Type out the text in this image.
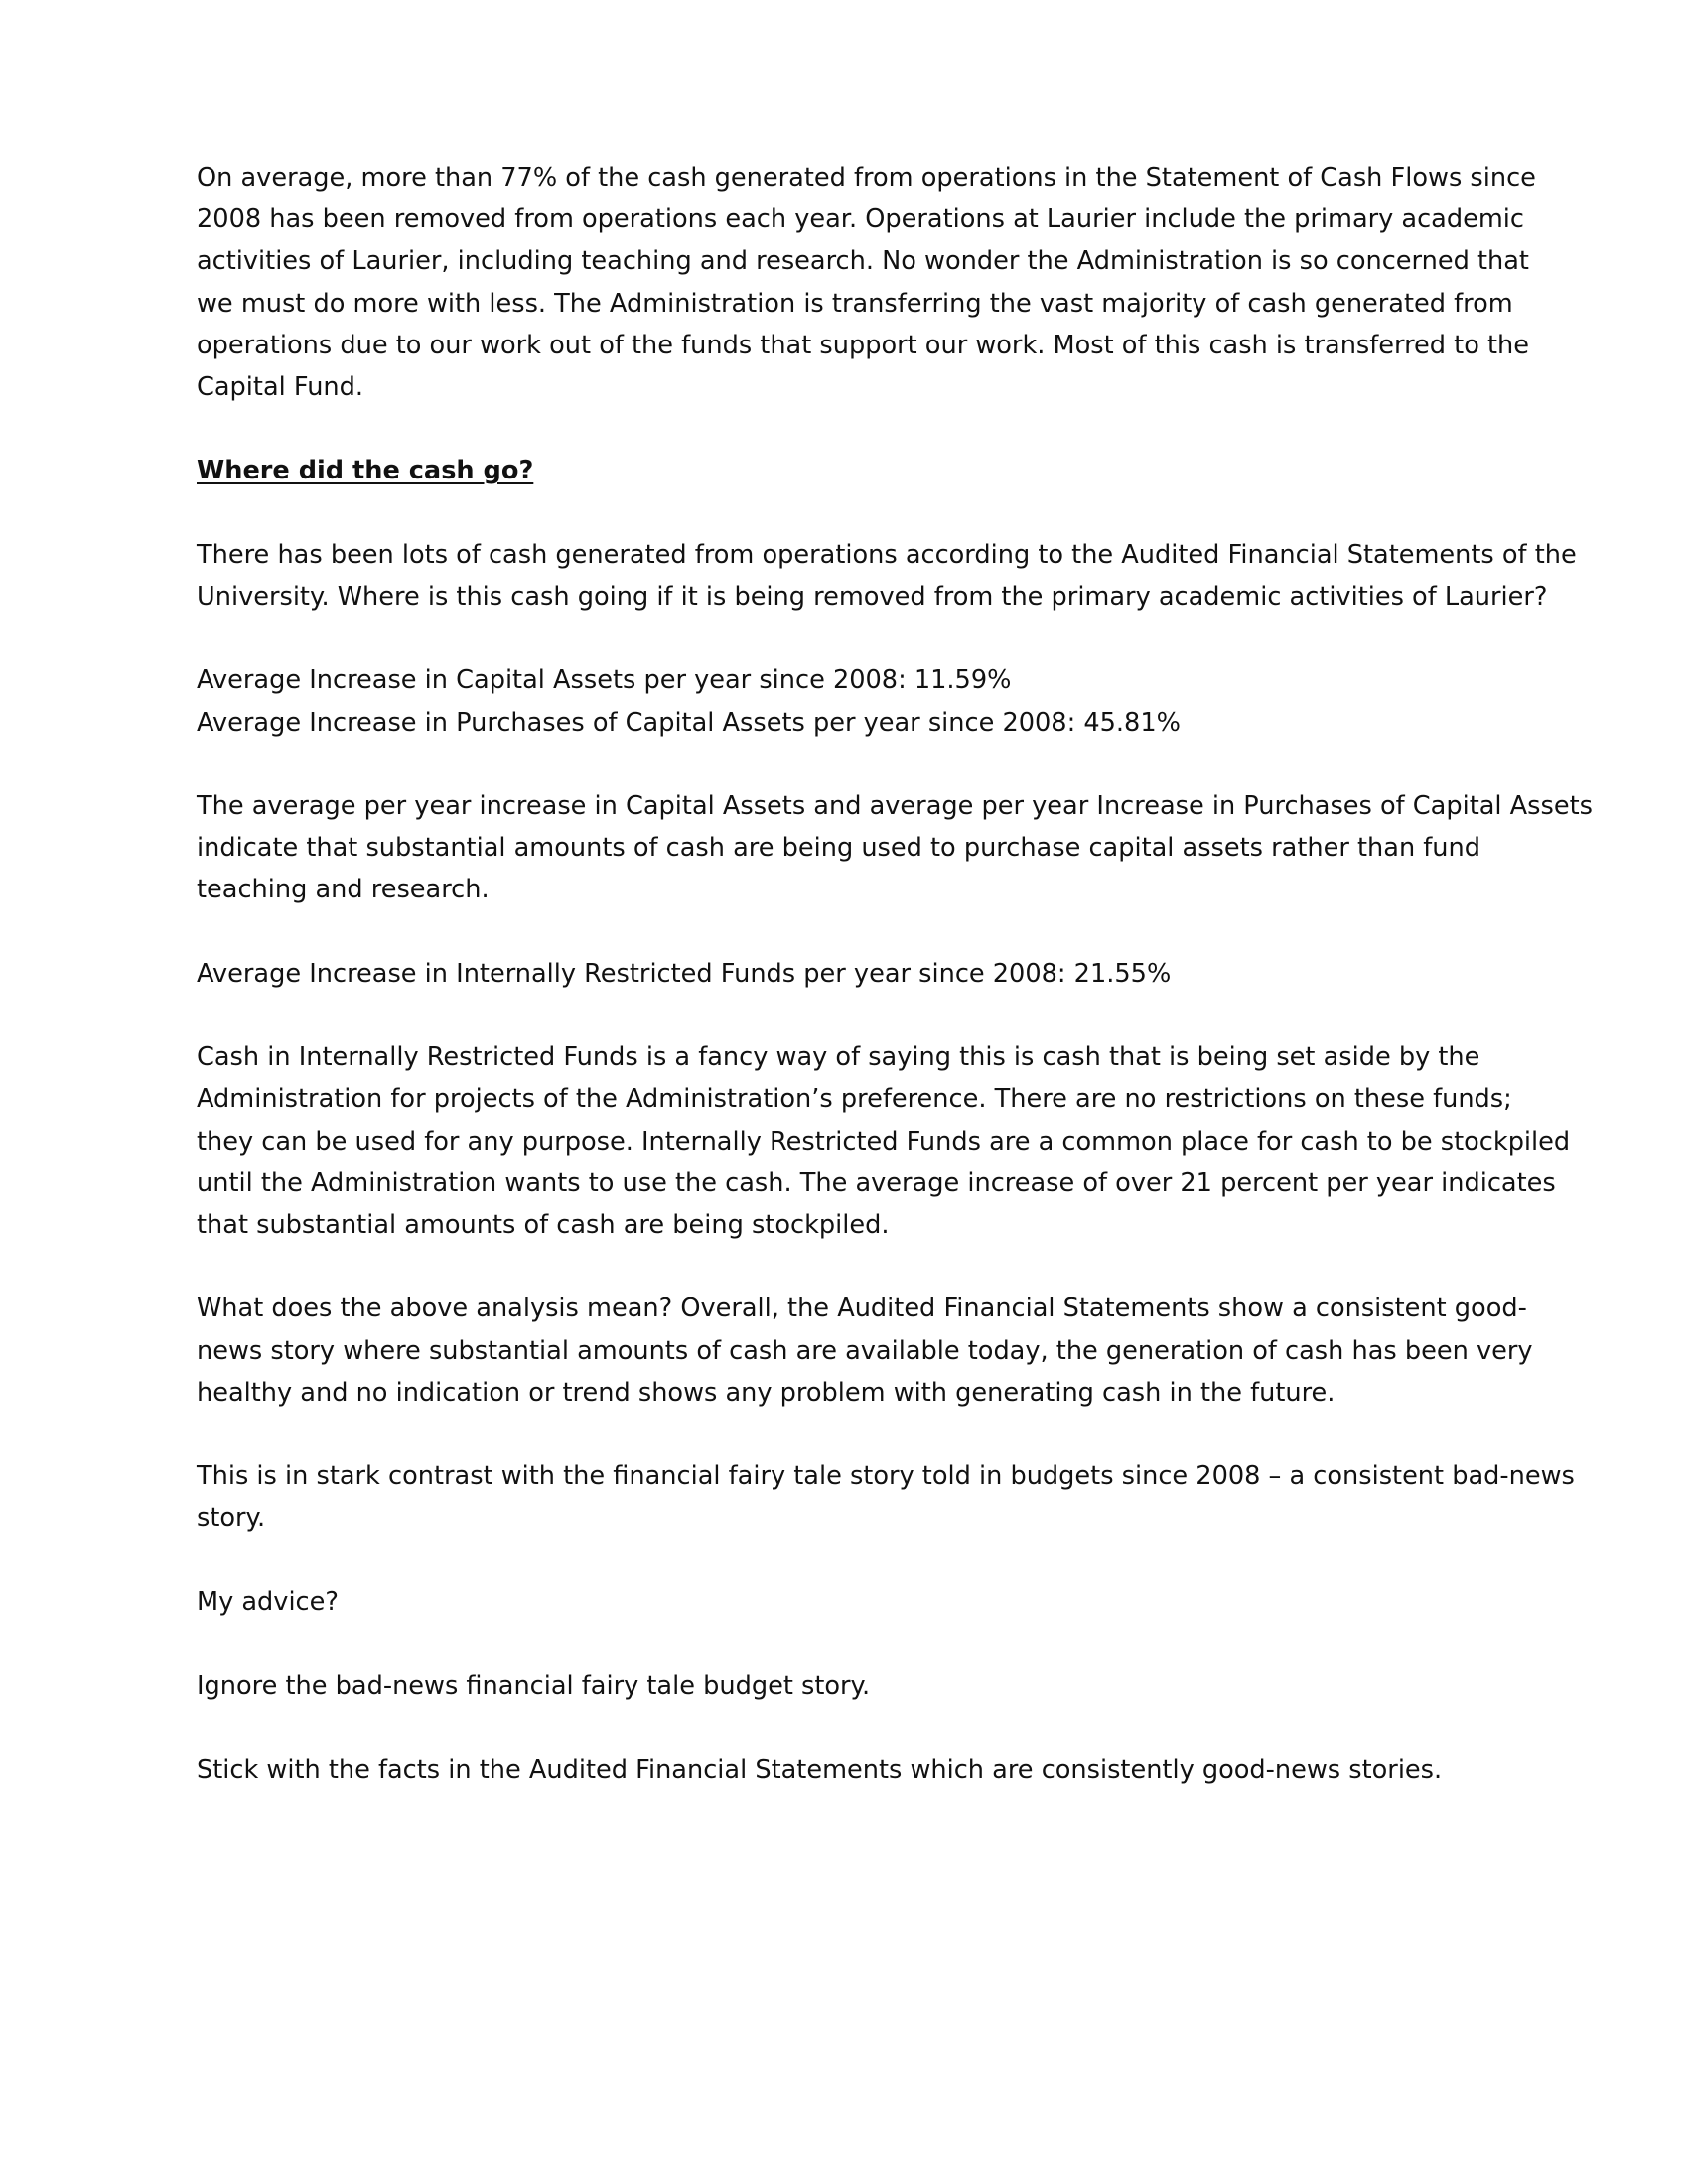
On average, more than 77% of the cash generated from operations in the Statement of Cash Flows since
2008 has been removed from operations each year. Operations at Laurier include the primary academic
activities of Laurier, including teaching and research. No wonder the Administration is so concerned that
we must do more with less. The Administration is transferring the vast majority of cash generated from
operations due to our work out of the funds that support our work. Most of this cash is transferred to the
Capital Fund.
Where did the cash go?
There has been lots of cash generated from operations according to the Audited Financial Statements of the
University. Where is this cash going if it is being removed from the primary academic activities of Laurier?
Average Increase in Capital Assets per year since 2008: 11.59%
Average Increase in Purchases of Capital Assets per year since 2008: 45.81%
The average per year increase in Capital Assets and average per year Increase in Purchases of Capital Assets
indicate that substantial amounts of cash are being used to purchase capital assets rather than fund
teaching and research.
Average Increase in Internally Restricted Funds per year since 2008: 21.55%
Cash in Internally Restricted Funds is a fancy way of saying this is cash that is being set aside by the
Administration for projects of the Administration’s preference. There are no restrictions on these funds;
they can be used for any purpose. Internally Restricted Funds are a common place for cash to be stockpiled
until the Administration wants to use the cash. The average increase of over 21 percent per year indicates
that substantial amounts of cash are being stockpiled.
What does the above analysis mean? Overall, the Audited Financial Statements show a consistent good-
news story where substantial amounts of cash are available today, the generation of cash has been very
healthy and no indication or trend shows any problem with generating cash in the future.
This is in stark contrast with the financial fairy tale story told in budgets since 2008 – a consistent bad-news
story.
My advice?
Ignore the bad-news financial fairy tale budget story.
Stick with the facts in the Audited Financial Statements which are consistently good-news stories.
